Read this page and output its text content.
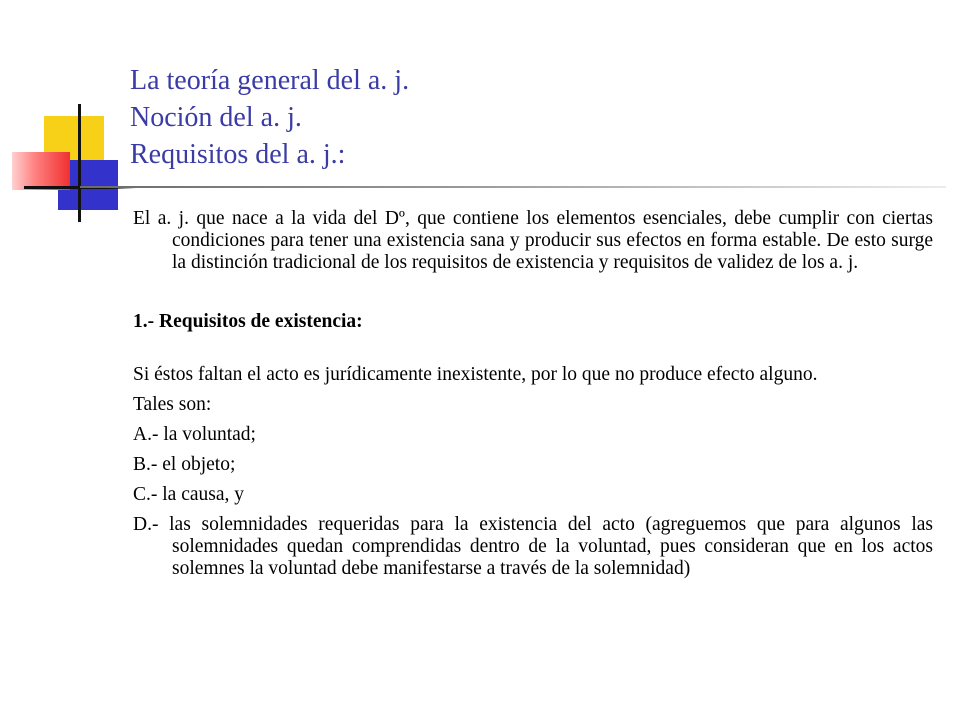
La teoría general del a. j.
Noción del a. j.
Requisitos del a. j.:

El a. j. que nace a la vida del Dº, que contiene los elementos esenciales, debe cumplir con ciertas condiciones para tener una existencia sana y producir sus efectos en forma estable. De esto surge la distinción tradicional de los requisitos de existencia y requisitos de validez de los a. j.

1.- Requisitos de existencia:

Si éstos faltan el acto es jurídicamente inexistente, por lo que no produce efecto alguno.

Tales son:

A.- la voluntad;

B.- el objeto;

C.- la causa, y

D.- las solemnidades requeridas para la existencia del acto (agreguemos que para algunos las solemnidades quedan comprendidas dentro de la voluntad, pues consideran que en los actos solemnes la voluntad debe manifestarse a través de la solemnidad)
